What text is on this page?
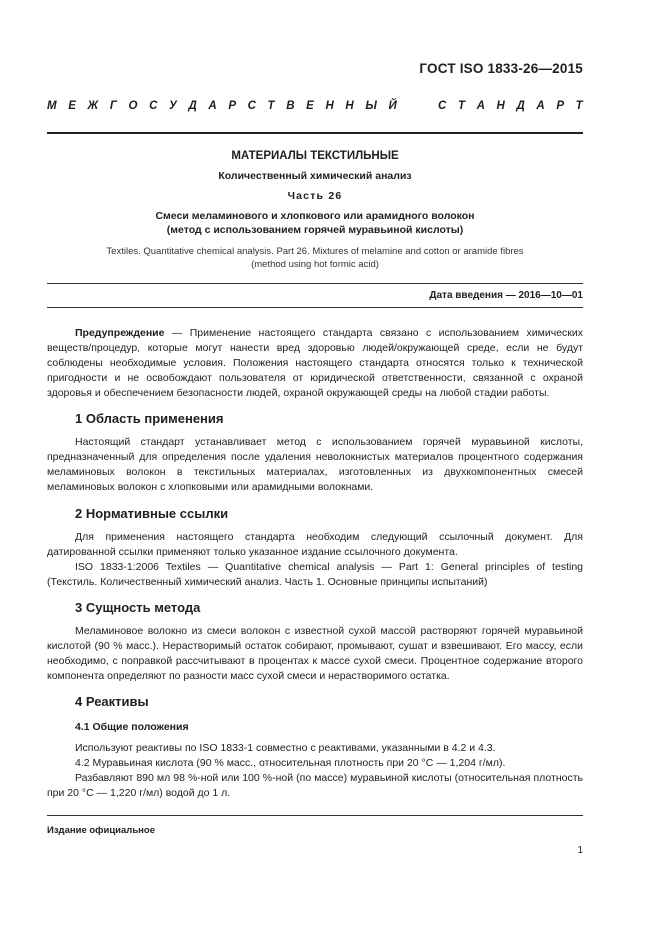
ГОСТ ISO 1833-26—2015
М Е Ж Г О С У Д А Р С Т В Е Н Н Ы Й

	С Т А Н Д А Р Т
МАТЕРИАЛЫ ТЕКСТИЛЬНЫЕ
Количественный химический анализ
Часть 26
Смеси меламинового и хлопкового или арамидного волокон
(метод с использованием горячей муравьиной кислоты)
Textiles. Quantitative chemical analysis. Part 26. Mixtures of melamine and cotton or aramide fibres
(method using hot formic acid)
Дата введения — 2016—10—01
Предупреждение — Применение настоящего стандарта связано с использованием химических веществ/процедур, которые могут нанести вред здоровью людей/окружающей среде, если не будут соблюдены необходимые условия. Положения настоящего стандарта относятся только к технической пригодности и не освобождают пользователя от юридической ответственности, связанной с охраной здоровья и обеспечением безопасности людей, охраной окружающей среды на любой стадии работы.
1 Область применения
Настоящий стандарт устанавливает метод с использованием горячей муравьиной кислоты, предназначенный для определения после удаления неволокнистых материалов процентного содержания меламиновых волокон в текстильных материалах, изготовленных из двухкомпонентных смесей меламиновых волокон с хлопковыми или арамидными волокнами.
2 Нормативные ссылки
Для применения настоящего стандарта необходим следующий ссылочный документ. Для датированной ссылки применяют только указанное издание ссылочного документа.
ISO 1833-1:2006 Textiles — Quantitative chemical analysis — Part 1: General principles of testing (Текстиль. Количественный химический анализ. Часть 1. Основные принципы испытаний)
3 Сущность метода
Меламиновое волокно из смеси волокон с известной сухой массой растворяют горячей муравьиной кислотой (90 % масс.). Нерастворимый остаток собирают, промывают, сушат и взвешивают. Его массу, если необходимо, с поправкой рассчитывают в процентах к массе сухой смеси. Процентное содержание второго компонента определяют по разности масс сухой смеси и нерастворимого остатка.
4 Реактивы
4.1 Общие положения
Используют реактивы по ISO 1833-1 совместно с реактивами, указанными в 4.2 и 4.3.
4.2 Муравьиная кислота (90 % масс., относительная плотность при 20 °С — 1,204 г/мл).
Разбавляют 890 мл 98 %-ной или 100 %-ной (по массе) муравьиной кислоты (относительная плотность при 20 °С — 1,220 г/мл) водой до 1 л.
Издание официальное
1
